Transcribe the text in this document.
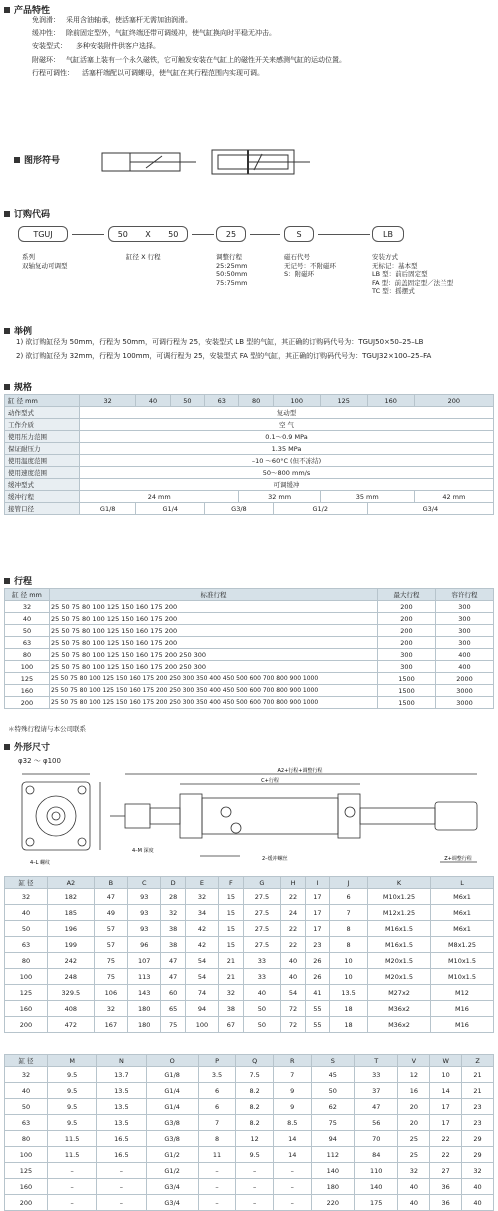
产品特性
免润滑： 采用含油轴承，使活塞杆无需加油润滑。
缓冲性： 除前固定型外，气缸终端还带可调缓冲，使气缸换向时平稳无冲击。
安装型式：	多种安装附件供客户选择。
附磁环： 气缸活塞上装有一个永久磁铁，它可触发安装在气缸上的磁性开关来感测气缸的运动位置。
行程可调性：	活塞杆端配以可调螺母，使气缸在其行程范围内实现可调。
图形符号
订购代码
TGUJ	50 X 50	25	S	LB
系列
双轴复动可调型
缸径 X 行程	调整行程
25:25mm
50:50mm
75:75mm
磁石代号
无记号：不附磁环
S：附磁环
安装方式
无标记：基本型
LB 型：前后固定型
FA 型：前盖固定型／法兰型
TC 型：摇摆式
举例
1) 欲订购缸径为 50mm，行程为 50mm，可调行程为 25，安装型式 LB 型的气缸，其正确的订购码代号为：TGUJ50×50–25–LB
2) 欲订购缸径为 32mm，行程为 100mm，可调行程为 25，安装型式 FA 型的气缸，其正确的订购码代号为：TGUJ32×100–25–FA
规格
缸 径 mm	32	40	50	63	80	100	125	160	200
动作型式	复动型								
工作介质	空 气								
使用压力范围	0.1～0.9 MPa								
保证耐压力	1.35 MPa								
使用温度范围	–10 ～60°C (但不冻结)								
使用速度范围	50～800 mm/s								
缓冲型式	可调缓冲								
缓冲行程	24 mm				32 mm		35 mm		42 mm
接管口径	G1/8	G1/4		G3/8		G1/2		G3/4	
行程
缸 径 mm	标准行程	最大行程	容许行程
32	25 50 75 80 100 125 150 160 175 200	200	300
40	25 50 75 80 100 125 150 160 175 200	200	300
50	25 50 75 80 100 125 150 160 175 200	200	300
63	25 50 75 80 100 125 150 160 175 200	200	300
80	25 50 75 80 100 125 150 160 175 200 250 300	300	400
100	25 50 75 80 100 125 150 160 175 200 250 300	300	400
125	25 50 75 80 100 125 150 160 175 200 250 300 350 400 450 500 600 700 800 900 1000	1500	2000
160	25 50 75 80 100 125 150 160 175 200 250 300 350 400 450 500 600 700 800 900 1000	1500	3000
200	25 50 75 80 100 125 150 160 175 200 250 300 350 400 450 500 600 700 800 900 1000	1500	3000
＊特殊行程请与本公司联系
外形尺寸
φ32 ～ φ100
A2+行程+调整行程
C+行程
Z+调整行程
2–缓冲螺丝
4–L 螺纹
4–M 深度
缸 径	A2	B	C	D	E	F	G	H	I	J	K	L
32	182	47	93	28	32	15	27.5	22	17	6	M10x1.25	M6x1
40	185	49	93	32	34	15	27.5	24	17	7	M12x1.25	M6x1
50	196	57	93	38	42	15	27.5	22	17	8	M16x1.5	M6x1
63	199	57	96	38	42	15	27.5	22	23	8	M16x1.5	M8x1.25
80	242	75	107	47	54	21	33	40	26	10	M20x1.5	M10x1.5
100	248	75	113	47	54	21	33	40	26	10	M20x1.5	M10x1.5
125	329.5	106	143	60	74	32	40	54	41	13.5	M27x2	M12
160	408	32	180	65	94	38	50	72	55	18	M36x2	M16
200	472	167	180	75	100	67	50	72	55	18	M36x2	M16
缸 径	M	N	O	P	Q	R	S	T	V	W	Z
32	9.5	13.7	G1/8	3.5	7.5	7	45	33	12	10	21
40	9.5	13.5	G1/4	6	8.2	9	50	37	16	14	21
50	9.5	13.5	G1/4	6	8.2	9	62	47	20	17	23
63	9.5	13.5	G3/8	7	8.2	8.5	75	56	20	17	23
80	11.5	16.5	G3/8	8	12	14	94	70	25	22	29
100	11.5	16.5	G1/2	11	9.5	14	112	84	25	22	29
125	–	–	G1/2	–	–	–	140	110	32	27	32
160	–	–	G3/4	–	–	–	180	140	40	36	40
200	–	–	G3/4	–	–	–	220	175	40	36	40
